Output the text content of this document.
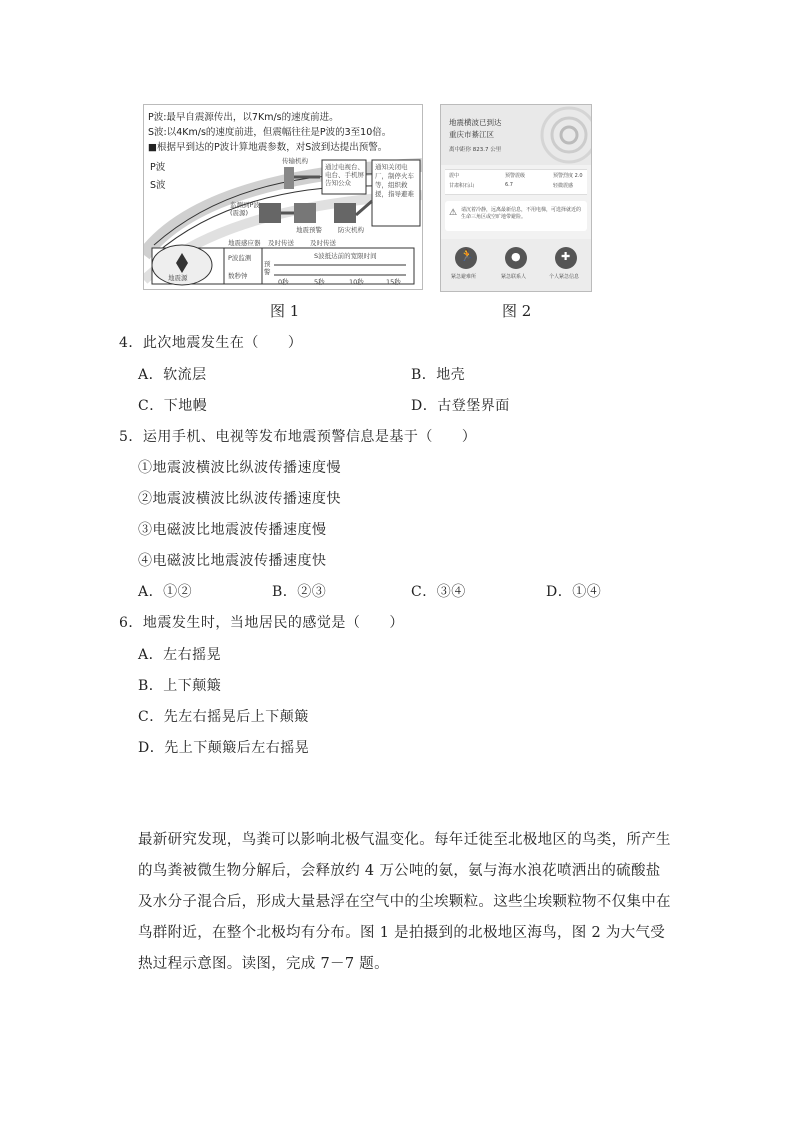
P波:最早自震源传出，以7Km/s的速度前进。
S波:以4Km/s的速度前进，但震幅往往是P波的3至10倍。
■根据早到达的P波计算地震参数，对S波到达提出预警。
P波
S波
传输机构
通过电视台、电台、手机屏告知公众
通知关闭电厂，制停火车等，组织救援，指导避难
监测到P波(震源)
地震预警 防灾机构
地震感应器 及时传送 及时传送
地震源
P波监测
数秒钟
预警
S波抵达前的宽限时间
0秒	5秒	10秒	15秒
图 1
地震横波已到达
重庆市綦江区
离中距你 823.7 公里
震中
甘肃积石山
预警震级
6.7
预警烈度 2.0
轻微震感
⚠ 请沉着冷静，远离最新信息，不用电梯，可选择就近的生命三角区或空旷地带避险。
🏃	●	✚
紧急避难所	紧急联系人	个人紧急信息
图 2
4．此次地震发生在（　　）
A．软流层	B．地壳
C．下地幔	D．古登堡界面
5．运用手机、电视等发布地震预警信息是基于（　　）
①地震波横波比纵波传播速度慢
②地震波横波比纵波传播速度快
③电磁波比地震波传播速度慢
④电磁波比地震波传播速度快
A．①②	B．②③	C．③④	D．①④
6．地震发生时，当地居民的感觉是（　　）
A．左右摇晃
B．上下颠簸
C．先左右摇晃后上下颠簸
D．先上下颠簸后左右摇晃
最新研究发现，鸟粪可以影响北极气温变化。每年迁徙至北极地区的鸟类，所产生的鸟粪被微生物分解后，会释放约 4 万公吨的氨，氨与海水浪花喷洒出的硫酸盐及水分子混合后，形成大量悬浮在空气中的尘埃颗粒。这些尘埃颗粒物不仅集中在鸟群附近，在整个北极均有分布。图 1 是拍摄到的北极地区海鸟，图 2 为大气受热过程示意图。读图，完成 7－7 题。
